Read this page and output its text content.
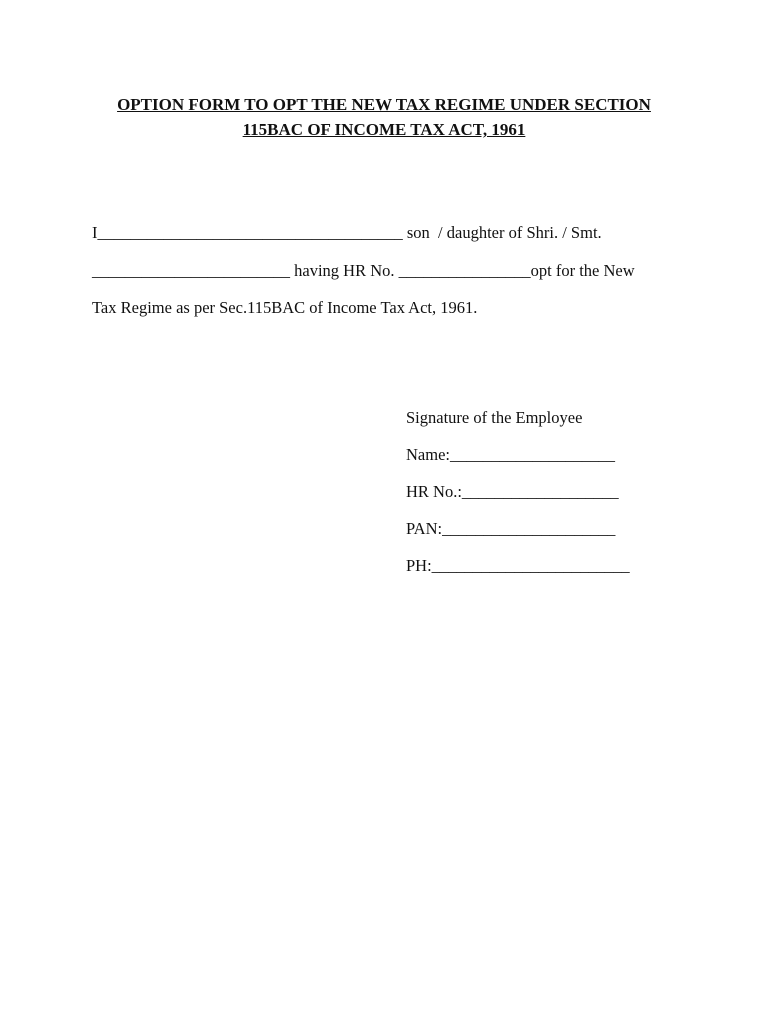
OPTION FORM TO OPT THE NEW TAX REGIME UNDER SECTION
115BAC OF INCOME TAX ACT, 1961
I_____________________________________ son  / daughter of Shri. / Smt.
________________________ having HR No. ________________opt for the New
Tax Regime as per Sec.115BAC of Income Tax Act, 1961.
Signature of the Employee
Name:____________________
HR No.:___________________
PAN:_____________________
PH:________________________
